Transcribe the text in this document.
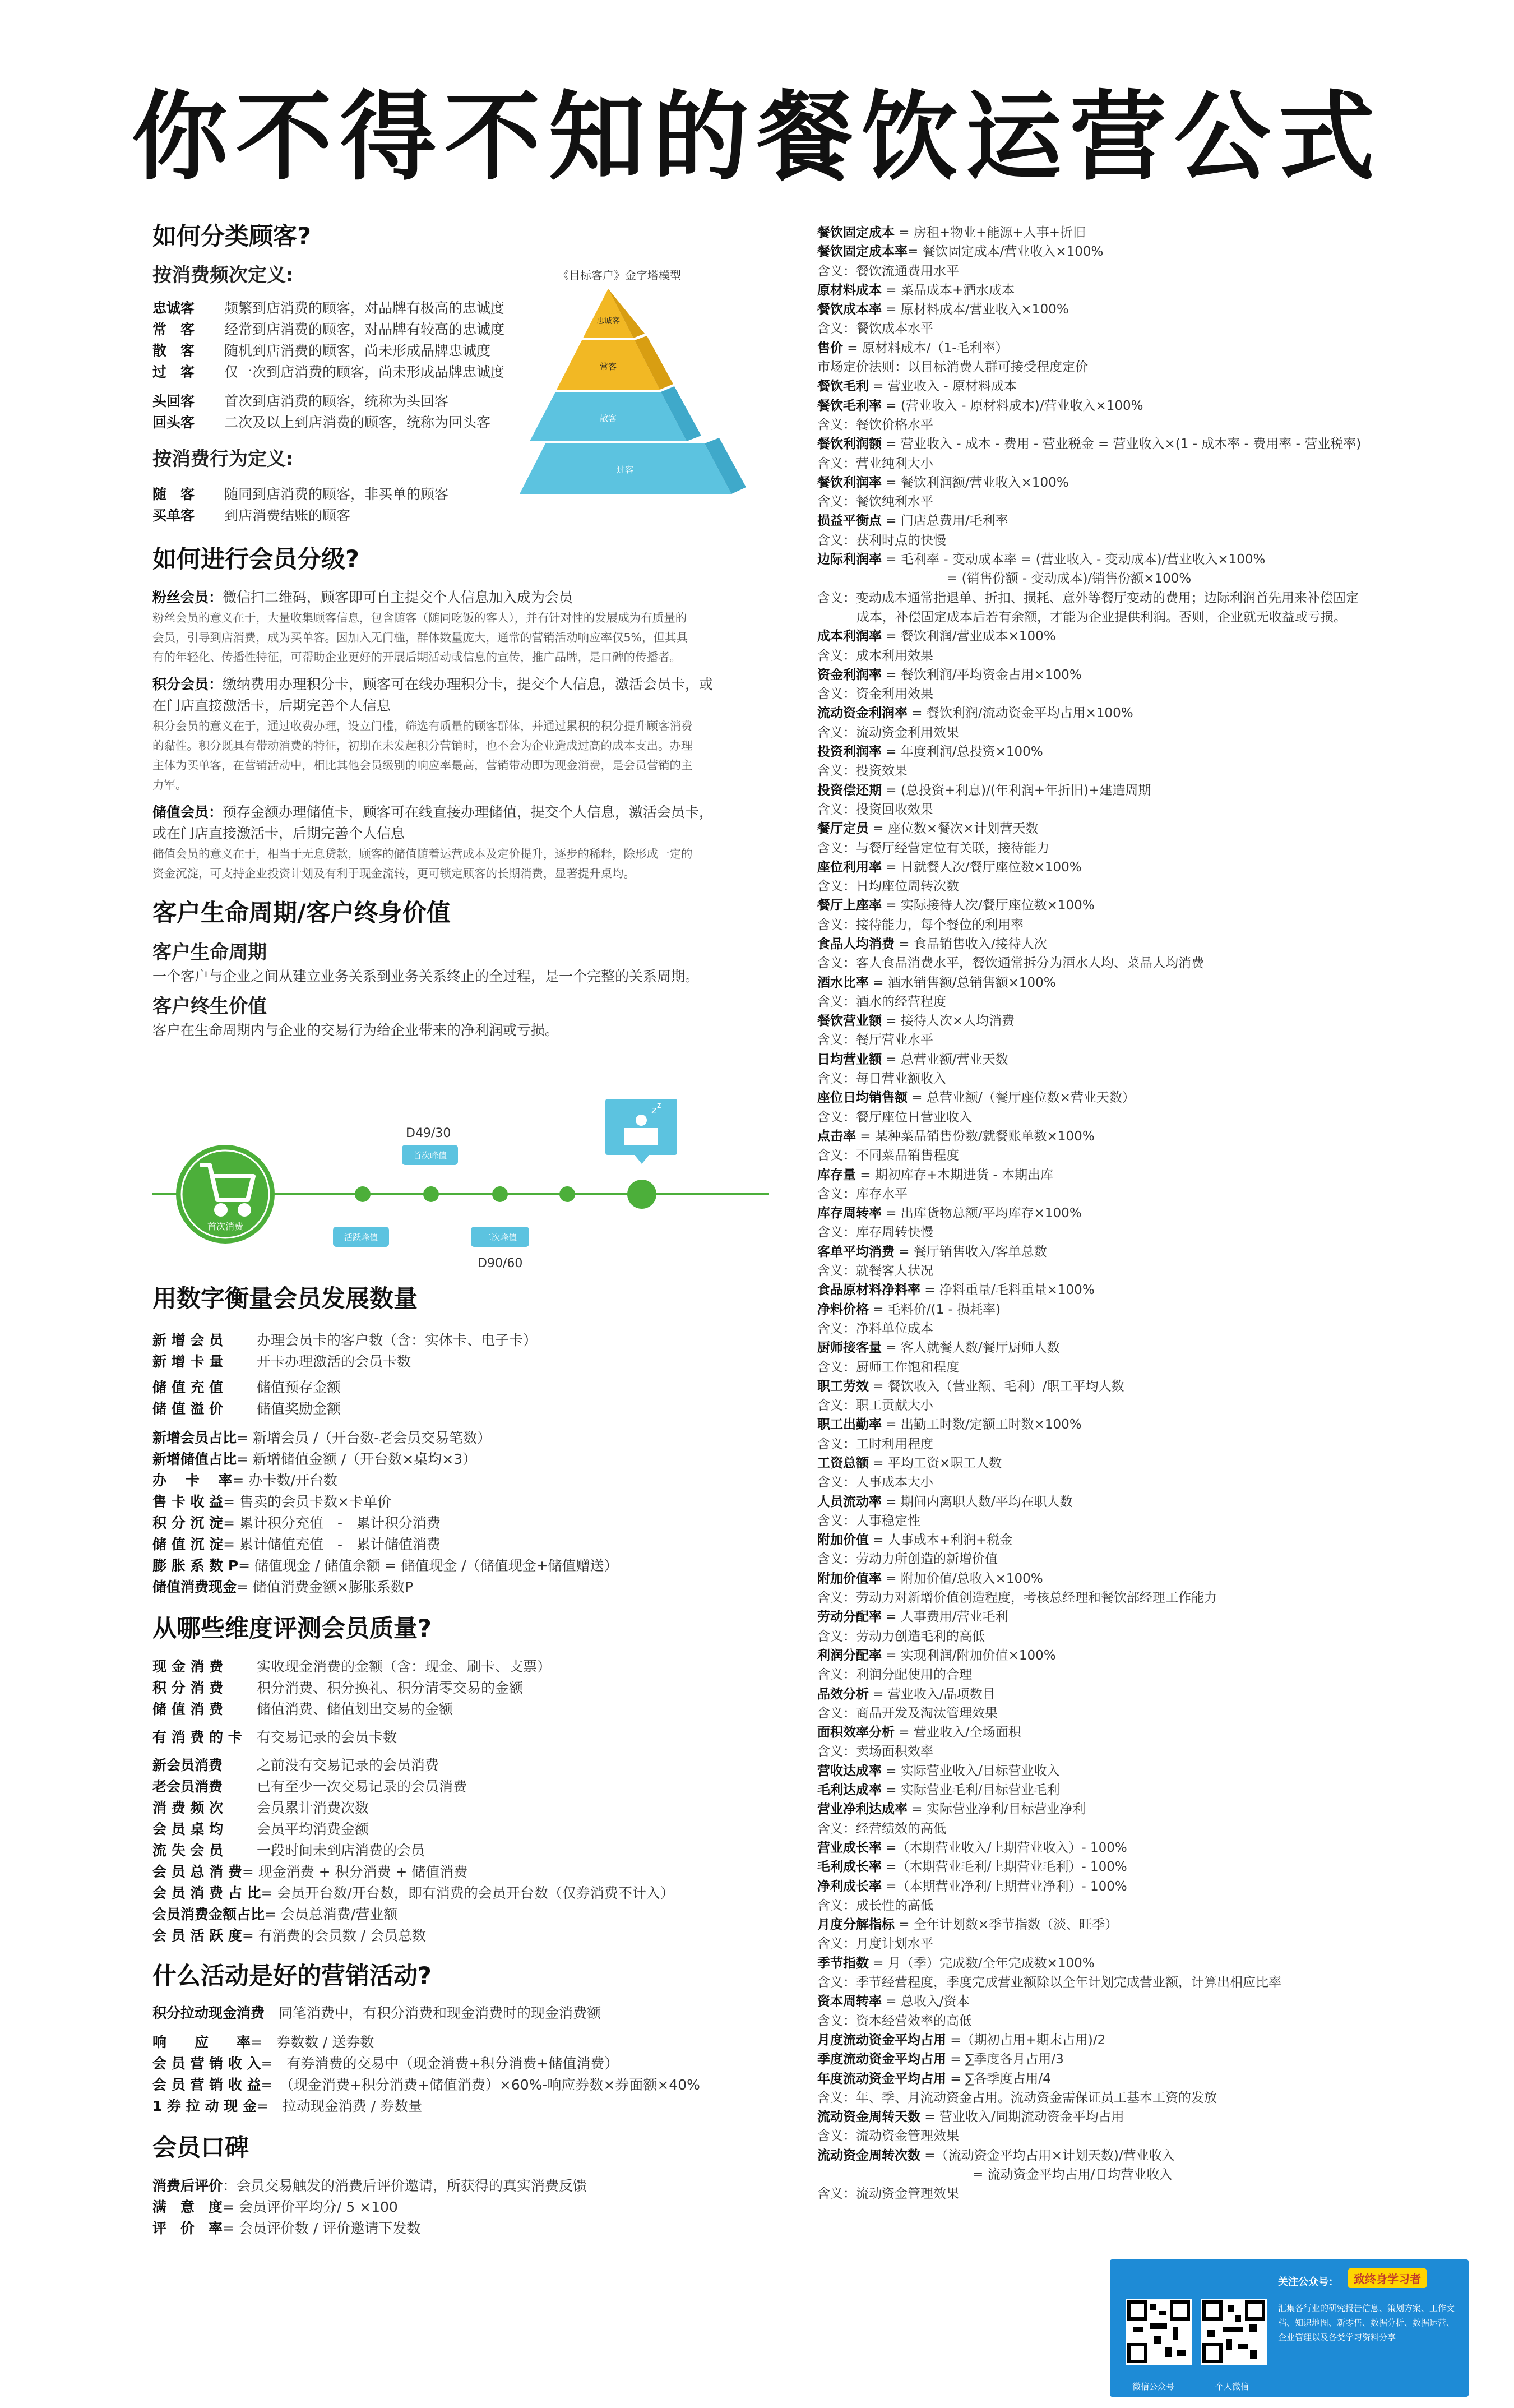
你不得不知的餐饮运营公式
如何分类顾客?
按消费频次定义:
忠诚客 频繁到店消费的顾客，对品牌有极高的忠诚度
常　客 经常到店消费的顾客，对品牌有较高的忠诚度
散　客 随机到店消费的顾客，尚未形成品牌忠诚度
过　客 仅一次到店消费的顾客，尚未形成品牌忠诚度
头回客 首次到店消费的顾客，统称为头回客
回头客 二次及以上到店消费的顾客，统称为回头客
按消费行为定义:
随　客 随同到店消费的顾客，非买单的顾客
买单客 到店消费结账的顾客
如何进行会员分级?
粉丝会员：微信扫二维码，顾客即可自主提交个人信息加入成为会员
粉丝会员的意义在于，大量收集顾客信息，包含随客（随同吃饭的客人），并有针对性的发展成为有质量的
会员，引导到店消费，成为买单客。因加入无门槛，群体数量庞大，通常的营销活动响应率仅5%，但其具
有的年轻化、传播性特征，可帮助企业更好的开展后期活动或信息的宣传，推广品牌，是口碑的传播者。
积分会员：缴纳费用办理积分卡，顾客可在线办理积分卡，提交个人信息，激活会员卡，或
在门店直接激活卡，后期完善个人信息
积分会员的意义在于，通过收费办理，设立门槛，筛选有质量的顾客群体，并通过累积的积分提升顾客消费
的黏性。积分既具有带动消费的特征，初期在未发起积分营销时，也不会为企业造成过高的成本支出。办理
主体为买单客，在营销活动中，相比其他会员级别的响应率最高，营销带动即为现金消费，是会员营销的主
力军。
储值会员：预存金额办理储值卡，顾客可在线直接办理储值，提交个人信息，激活会员卡，
或在门店直接激活卡，后期完善个人信息
储值会员的意义在于，相当于无息贷款，顾客的储值随着运营成本及定价提升，逐步的稀释，除形成一定的
资金沉淀，可支持企业投资计划及有利于现金流转，更可锁定顾客的长期消费，显著提升桌均。
客户生命周期/客户终身价值
客户生命周期
一个客户与企业之间从建立业务关系到业务关系终止的全过程，是一个完整的关系周期。
客户终生价值
客户在生命周期内与企业的交易行为给企业带来的净利润或亏损。
《目标客户》金字塔模型
忠诚客
常客
散客
过客
首次消费
活跃峰值
首次峰值
D49/30
二次峰值
D90/60
z z
用数字衡量会员发展数量
新 增 会 员 办理会员卡的客户数（含：实体卡、电子卡）
新 增 卡 量 开卡办理激活的会员卡数
储 值 充 值 储值预存金额
储 值 溢 价 储值奖励金额
新增会员占比= 新增会员 /（开台数-老会员交易笔数）
新增储值占比= 新增储值金额 /（开台数×桌均×3）
办　 卡　 率= 办卡数/开台数
售 卡 收 益= 售卖的会员卡数×卡单价
积 分 沉 淀= 累计积分充值　-　累计积分消费
储 值 沉 淀= 累计储值充值　-　累计储值消费
膨 胀 系 数 P= 储值现金 / 储值余额 = 储值现金 /（储值现金+储值赠送）
储值消费现金= 储值消费金额×膨胀系数P
从哪些维度评测会员质量?
现 金 消 费 实收现金消费的金额（含：现金、刷卡、支票）
积 分 消 费 积分消费、积分换礼、积分清零交易的金额
储 值 消 费 储值消费、储值划出交易的金额
有 消 费 的 卡 有交易记录的会员卡数
新会员消费 之前没有交易记录的会员消费
老会员消费 已有至少一次交易记录的会员消费
消 费 频 次 会员累计消费次数
会 员 桌 均 会员平均消费金额
流 失 会 员 一段时间未到店消费的会员
会 员 总 消 费= 现金消费 + 积分消费 + 储值消费
会 员 消 费 占 比= 会员开台数/开台数，即有消费的会员开台数（仅券消费不计入）
会员消费金额占比= 会员总消费/营业额
会 员 活 跃 度= 有消费的会员数 / 会员总数
什么活动是好的营销活动?
积分拉动现金消费　 同笔消费中，有积分消费和现金消费时的现金消费额
响　　应　　率=　券数数 / 送券数
会 员 营 销 收 入=　有券消费的交易中（现金消费+积分消费+储值消费）
会 员 营 销 收 益=　（现金消费+积分消费+储值消费）×60%-响应券数×券面额×40%
1 券 拉 动 现 金=　拉动现金消费 / 券数量
会员口碑
消费后评价：会员交易触发的消费后评价邀请，所获得的真实消费反馈
满　意　度= 会员评价平均分/ 5 ×100
评　价　率= 会员评价数 / 评价邀请下发数
餐饮固定成本 = 房租+物业+能源+人事+折旧
餐饮固定成本率= 餐饮固定成本/营业收入×100%
含义：餐饮流通费用水平
原材料成本 = 菜品成本+酒水成本
餐饮成本率 = 原材料成本/营业收入×100%
含义：餐饮成本水平
售价 = 原材料成本/（1-毛利率）
市场定价法则：以目标消费人群可接受程度定价
餐饮毛利 = 营业收入 - 原材料成本
餐饮毛利率 = (营业收入 - 原材料成本)/营业收入×100%
含义：餐饮价格水平
餐饮利润额 = 营业收入 - 成本 - 费用 - 营业税金 = 营业收入×(1 - 成本率 - 费用率 - 营业税率)
含义：营业纯利大小
餐饮利润率 = 餐饮利润额/营业收入×100%
含义：餐饮纯利水平
损益平衡点 = 门店总费用/毛利率
含义：获利时点的快慢
边际利润率 = 毛利率 - 变动成本率 = (营业收入 - 变动成本)/营业收入×100%
　　　　　　　= (销售份额 - 变动成本)/销售份额×100%
含义：变动成本通常指退单、折扣、损耗、意外等餐厅变动的费用；边际利润首先用来补偿固定
成本，补偿固定成本后若有余额，才能为企业提供利润。否则，企业就无收益或亏损。
成本利润率 = 餐饮利润/营业成本×100%
含义：成本利用效果
资金利润率 = 餐饮利润/平均资金占用×100%
含义：资金利用效果
流动资金利润率 = 餐饮利润/流动资金平均占用×100%
含义：流动资金利用效果
投资利润率 = 年度利润/总投资×100%
含义：投资效果
投资偿还期 = (总投资+利息)/(年利润+年折旧)+建造周期
含义：投资回收效果
餐厅定员 = 座位数×餐次×计划营天数
含义：与餐厅经营定位有关联，接待能力
座位利用率 = 日就餐人次/餐厅座位数×100%
含义：日均座位周转次数
餐厅上座率 = 实际接待人次/餐厅座位数×100%
含义：接待能力，每个餐位的利用率
食品人均消费 = 食品销售收入/接待人次
含义：客人食品消费水平，餐饮通常拆分为酒水人均、菜品人均消费
酒水比率 = 酒水销售额/总销售额×100%
含义：酒水的经营程度
餐饮营业额 = 接待人次×人均消费
含义：餐厅营业水平
日均营业额 = 总营业额/营业天数
含义：每日营业额收入
座位日均销售额 = 总营业额/（餐厅座位数×营业天数）
含义：餐厅座位日营业收入
点击率 = 某种菜品销售份数/就餐账单数×100%
含义：不同菜品销售程度
库存量 = 期初库存+本期进货 - 本期出库
含义：库存水平
库存周转率 = 出库货物总额/平均库存×100%
含义：库存周转快慢
客单平均消费 = 餐厅销售收入/客单总数
含义：就餐客人状况
食品原材料净料率 = 净料重量/毛料重量×100%
净料价格 = 毛料价/(1 - 损耗率)
含义：净料单位成本
厨师接客量 = 客人就餐人数/餐厅厨师人数
含义：厨师工作饱和程度
职工劳效 = 餐饮收入（营业额、毛利）/职工平均人数
含义：职工贡献大小
职工出勤率 = 出勤工时数/定额工时数×100%
含义：工时利用程度
工资总额 = 平均工资×职工人数
含义：人事成本大小
人员流动率 = 期间内离职人数/平均在职人数
含义：人事稳定性
附加价值 = 人事成本+利润+税金
含义：劳动力所创造的新增价值
附加价值率 = 附加价值/总收入×100%
含义：劳动力对新增价值创造程度，考核总经理和餐饮部经理工作能力
劳动分配率 = 人事费用/营业毛利
含义：劳动力创造毛利的高低
利润分配率 = 实现利润/附加价值×100%
含义：利润分配使用的合理
品效分析 = 营业收入/品项数目
含义：商品开发及淘汰管理效果
面积效率分析 = 营业收入/全场面积
含义：卖场面积效率
营收达成率 = 实际营业收入/目标营业收入
毛利达成率 = 实际营业毛利/目标营业毛利
营业净利达成率 = 实际营业净利/目标营业净利
含义：经营绩效的高低
营业成长率 =（本期营业收入/上期营业收入）- 100%
毛利成长率 =（本期营业毛利/上期营业毛利）- 100%
净利成长率 =（本期营业净利/上期营业净利）- 100%
含义：成长性的高低
月度分解指标 = 全年计划数×季节指数（淡、旺季）
含义：月度计划水平
季节指数 = 月（季）完成数/全年完成数×100%
含义：季节经营程度，季度完成营业额除以全年计划完成营业额，计算出相应比率
资本周转率 = 总收入/资本
含义：资本经营效率的高低
月度流动资金平均占用 =（期初占用+期末占用)/2
季度流动资金平均占用 = ∑季度各月占用/3
年度流动资金平均占用 = ∑各季度占用/4
含义：年、季、月流动资金占用。流动资金需保证员工基本工资的发放
流动资金周转天数 = 营业收入/同期流动资金平均占用
含义：流动资金管理效果
流动资金周转次数 =（流动资金平均占用×计划天数)/营业收入
　　　　　　　　　= 流动资金平均占用/日均营业收入
含义：流动资金管理效果
微信公众号	个人微信
关注公众号：	致终身学习者
汇集各行业的研究报告信息、策划方案、工作文档、知识地图、新零售、数据分析、数据运营、企业管理以及各类学习资料分享
